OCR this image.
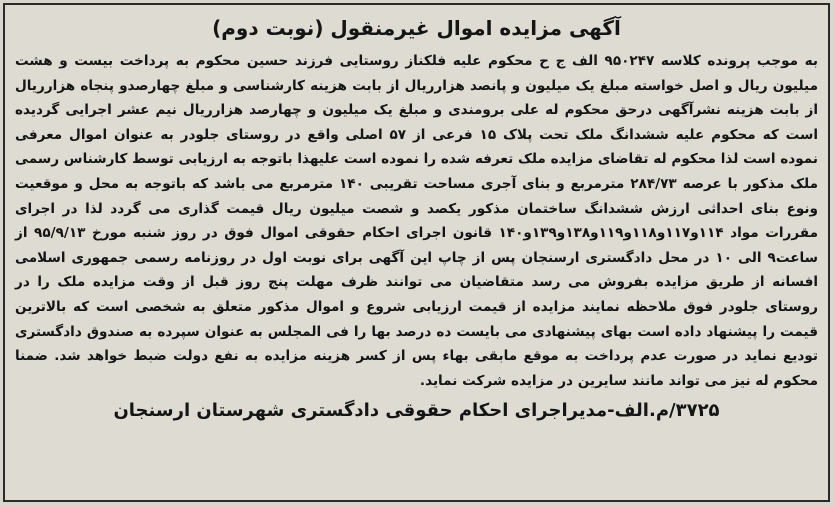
آگهی مزایده اموال غیرمنقول (نوبت دوم)

به موجب پرونده کلاسه ۹۵۰۲۴۷ الف ج ح محکوم علیه فلکناز روستایی فرزند حسین محکوم به پرداخت بیست و هشت میلیون ریال و اصل خواسته مبلغ یک میلیون و پانصد هزارریال از بابت هزینه کارشناسی و مبلغ چهارصدو پنجاه هزارریال از بابت هزینه نشرآگهی درحق محکوم له علی برومندی و مبلغ یک میلیون و چهارصد هزارریال نیم عشر اجرایی گردیده است که محکوم علیه ششدانگ ملک تحت پلاک ۱۵ فرعی از ۵۷ اصلی واقع در روستای جلودر به عنوان اموال معرفی نموده است لذا محکوم له تقاضای مزایده ملک تعرفه شده را نموده است علیهذا باتوجه به ارزیابی توسط کارشناس رسمی ملک مذکور با عرصه ۲۸۴/۷۳ مترمربع و بنای آجری مساحت تقریبی ۱۴۰ مترمربع می باشد که باتوجه به محل و موقعیت ونوع بنای احداثی ارزش ششدانگ ساختمان مذکور یکصد و شصت میلیون ریال قیمت گذاری می گردد لذا در اجرای مقررات مواد ۱۱۴و۱۱۷و۱۱۸و۱۱۹و۱۳۸و۱۳۹و۱۴۰ قانون اجرای احکام حقوقی اموال فوق در روز شنبه مورخ ۹۵/۹/۱۳ از ساعت۹ الی ۱۰ در محل دادگستری ارسنجان پس از چاپ این آگهی برای نوبت اول در روزنامه رسمی جمهوری اسلامی افسانه از طریق مزایده بفروش می رسد متقاضیان می توانند ظرف مهلت پنج روز قبل از وقت مزایده ملک را در روستای جلودر فوق ملاحظه نمایند مزایده از قیمت ارزیابی شروع و اموال مذکور متعلق به شخصی است که بالاترین قیمت را پیشنهاد داده است بهای پیشنهادی می بایست ده درصد بها را فی المجلس به عنوان سپرده به صندوق دادگستری تودیع نماید در صورت عدم پرداخت به موقع مابقی بهاء پس از کسر هزینه مزایده به نفع دولت ضبط خواهد شد. ضمنا محکوم له نیز می تواند مانند سایرین در مزایده شرکت نماید.

۳۷۲۵/م.الف-مدیراجرای احکام حقوقی دادگستری شهرستان ارسنجان
